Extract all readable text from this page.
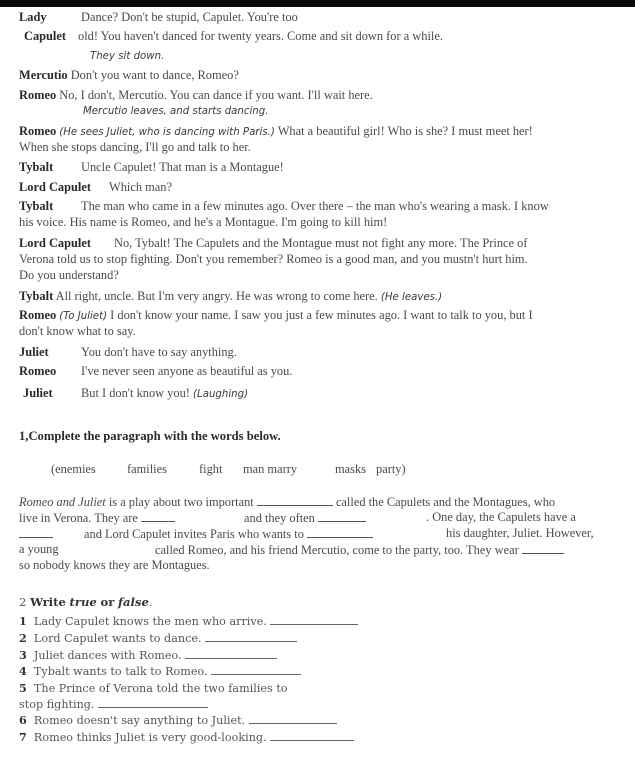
Lady	Dance? Don't be stupid, Capulet. You're too
Capulet old! You haven't danced for twenty years. Come and sit down for a while.
They sit down.
Mercutio Don't you want to dance, Romeo?
Romeo No, I don't, Mercutio. You can dance if you want. I'll wait here.
Mercutio leaves, and starts dancing.
Romeo (He sees Juliet, who is dancing with Paris.) What a beautiful girl! Who is she? I must meet her!
When she stops dancing, I'll go and talk to her.
Tybalt Uncle Capulet! That man is a Montague!
Lord Capulet Which man?
Tybalt The man who came in a few minutes ago. Over there – the man who's wearing a mask. I know
his voice. His name is Romeo, and he's a Montague. I'm going to kill him!
Lord Capulet No, Tybalt! The Capulets and the Montague must not fight any more. The Prince of
Verona told us to stop fighting. Don't you remember? Romeo is a good man, and you mustn't hurt him.
Do you understand?
Tybalt All right, uncle. But I'm very angry. He was wrong to come here. (He leaves.)
Romeo (To Juliet) I don't know your name. I saw you just a few minutes ago. I want to talk to you, but I
don't know what to say.
Juliet	You don't have to say anything.
Romeo I've never seen anyone as beautiful as you.
Juliet But I don't know you! (Laughing)
1,Complete the paragraph with the words below.
(enemies	families	fight man marry	masks party)
Romeo and Juliet is a play about two important	called the Capulets and the Montagues, who
live in Verona. They are	and they often	. One day, the Capulets have a
and Lord Capulet invites Paris who wants to	his daughter, Juliet. However,
a young	called Romeo, and his friend Mercutio, come to the party, too. They wear
so nobody knows they are Montagues.
2 Write true or false.
1 Lady Capulet knows the men who arrive.
2 Lord Capulet wants to dance.
3 Juliet dances with Romeo.
4 Tybalt wants to talk to Romeo.
5 The Prince of Verona told the two families to
stop fighting.
6 Romeo doesn't say anything to Juliet.
7 Romeo thinks Juliet is very good-looking.
